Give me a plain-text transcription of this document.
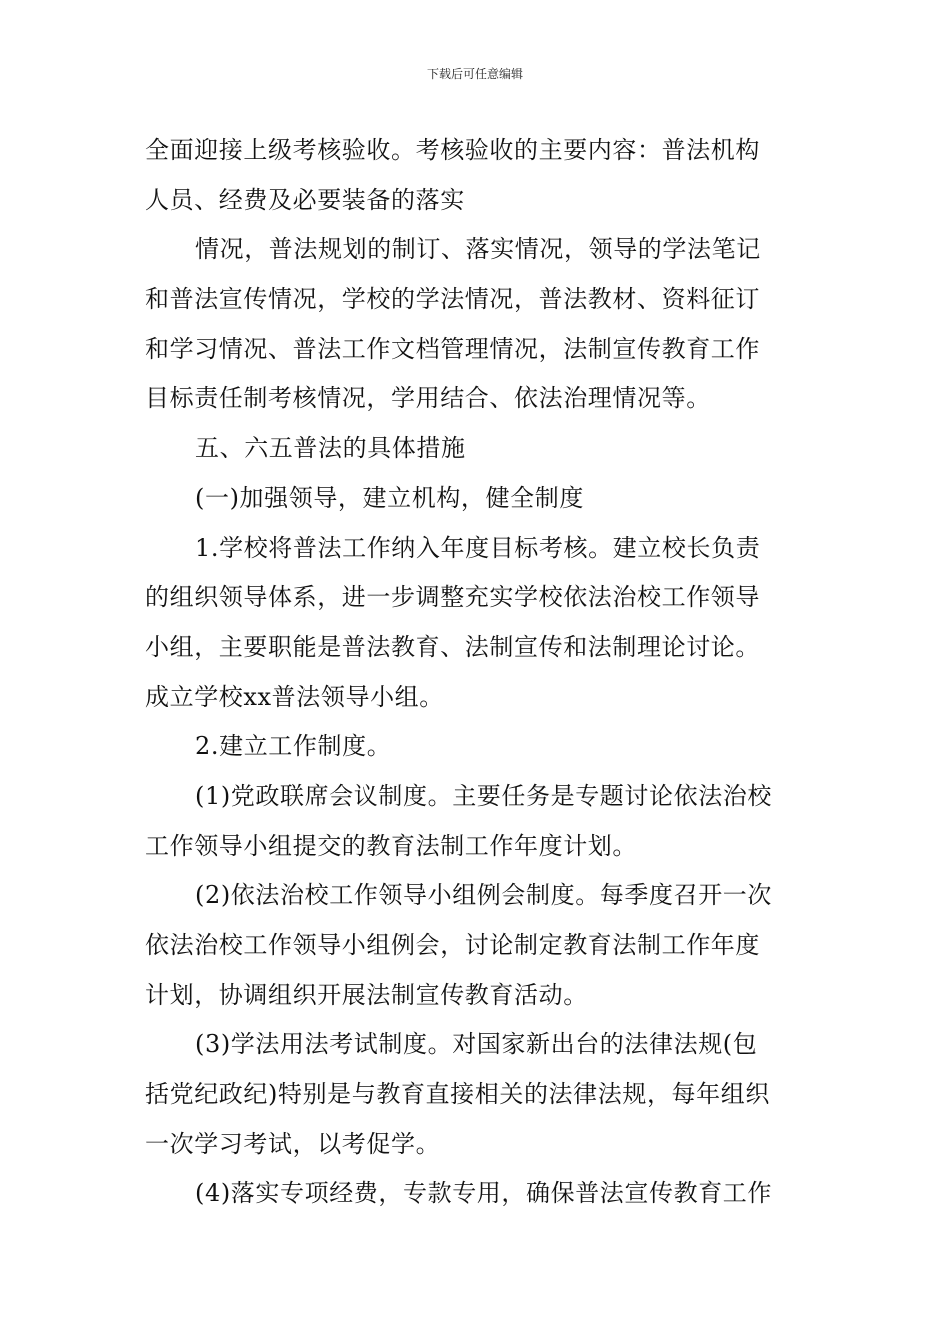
下载后可任意编辑
全面迎接上级考核验收。考核验收的主要内容：普法机构
人员、经费及必要装备的落实
情况，普法规划的制订、落实情况，领导的学法笔记
和普法宣传情况，学校的学法情况，普法教材、资料征订
和学习情况、普法工作文档管理情况，法制宣传教育工作
目标责任制考核情况，学用结合、依法治理情况等。
五、六五普法的具体措施
(一)加强领导，建立机构，健全制度
1.学校将普法工作纳入年度目标考核。建立校长负责
的组织领导体系，进一步调整充实学校依法治校工作领导
小组，主要职能是普法教育、法制宣传和法制理论讨论。
成立学校xx普法领导小组。
2.建立工作制度。
(1)党政联席会议制度。主要任务是专题讨论依法治校
工作领导小组提交的教育法制工作年度计划。
(2)依法治校工作领导小组例会制度。每季度召开一次
依法治校工作领导小组例会，讨论制定教育法制工作年度
计划，协调组织开展法制宣传教育活动。
(3)学法用法考试制度。对国家新出台的法律法规(包
括党纪政纪)特别是与教育直接相关的法律法规，每年组织
一次学习考试，以考促学。
(4)落实专项经费，专款专用，确保普法宣传教育工作
